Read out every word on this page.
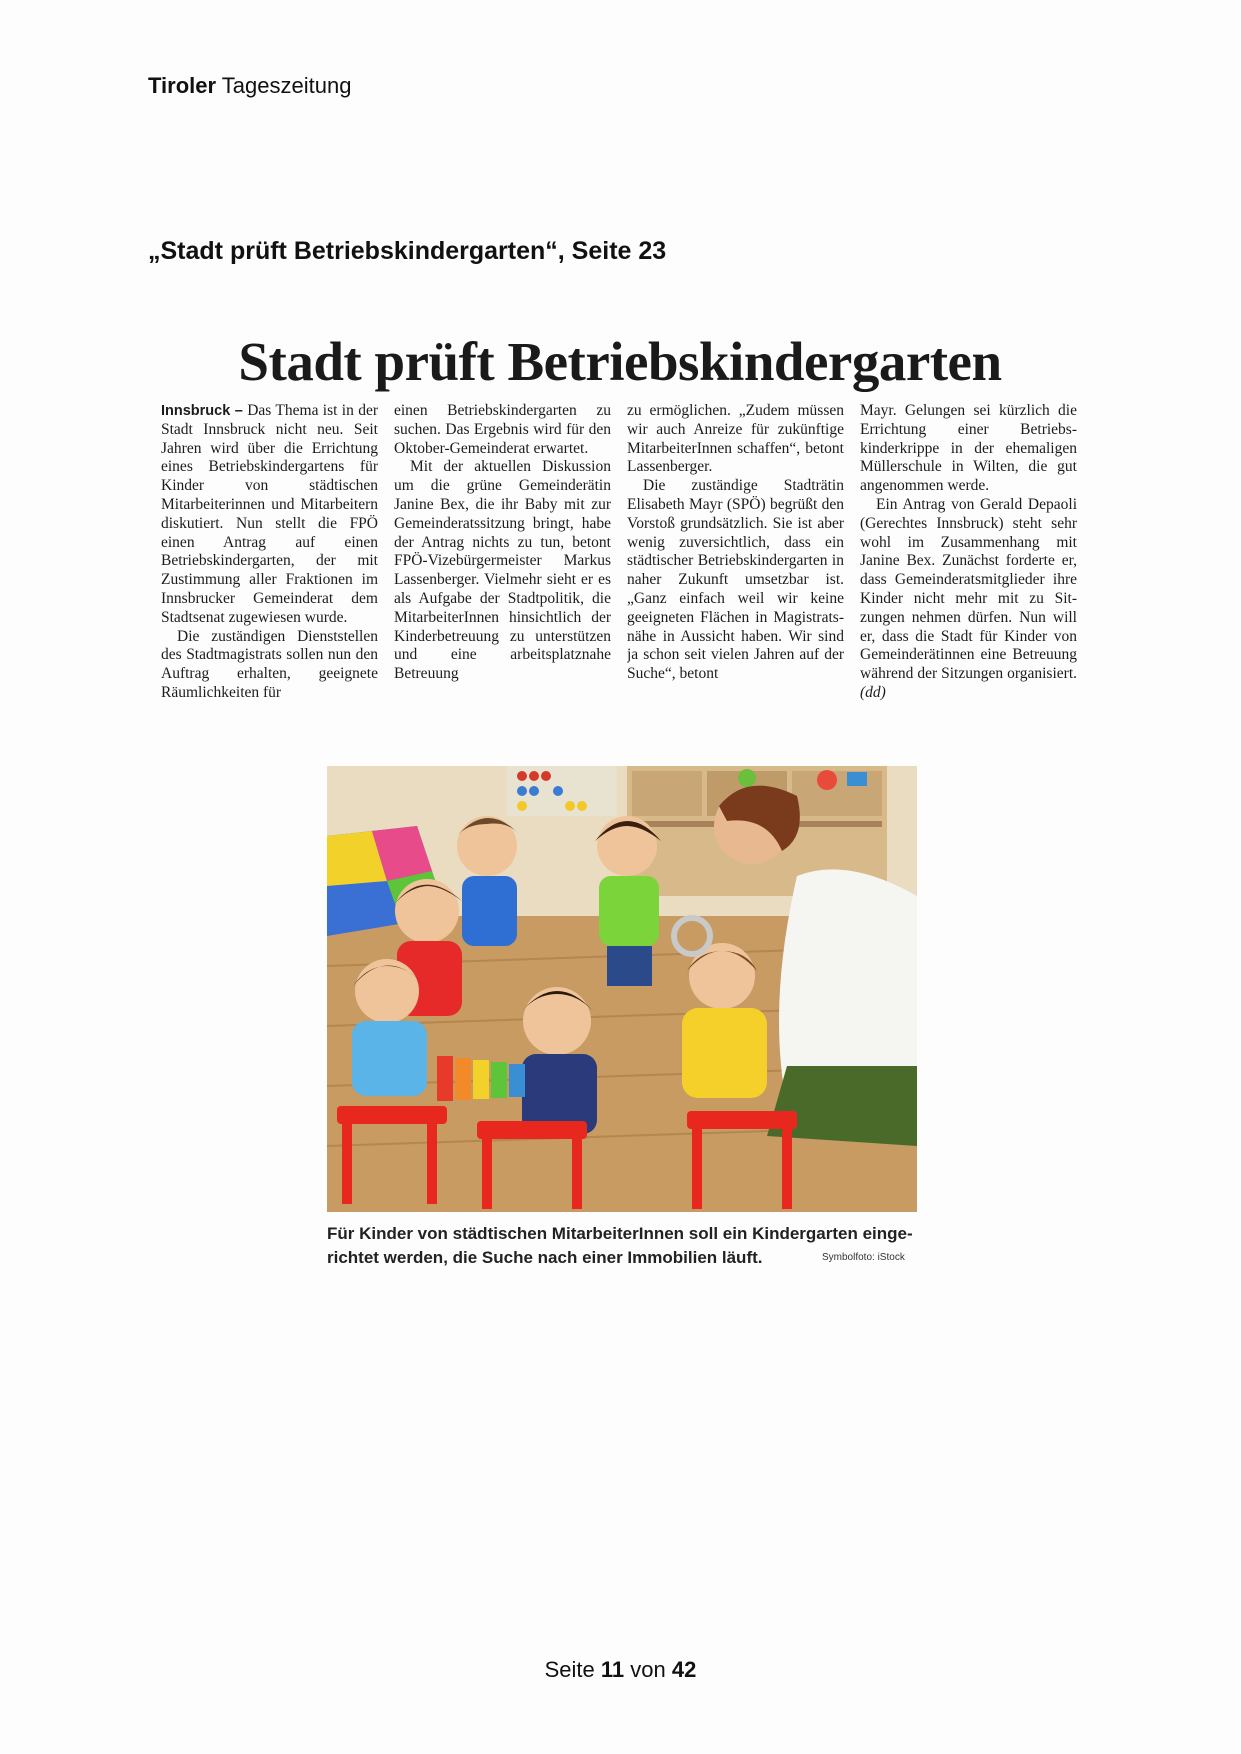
Tiroler Tageszeitung
„Stadt prüft Betriebskindergarten“, Seite 23
Stadt prüft Betriebskindergarten

Innsbruck – Das Thema ist in der Stadt Innsbruck nicht neu. Seit Jahren wird über die Errichtung eines Betriebskindergartens für Kinder von städtischen Mitarbeiterinnen und Mitarbeitern diskutiert. Nun stellt die FPÖ einen Antrag auf einen Betriebskindergarten, der mit Zustimmung aller Fraktionen im Innsbrucker Gemeinderat dem Stadtsenat zugewiesen wurde.

Die zuständigen Dienststellen des Stadtmagistrats sollen nun den Auftrag erhalten, geeignete Räumlichkeiten für

einen Betriebskindergarten zu suchen. Das Ergebnis wird für den Oktober-Gemeinderat erwartet.

Mit der aktuellen Diskussion um die grüne Gemeinderätin Janine Bex, die ihr Baby mit zur Gemeinderatssitzung bringt, habe der Antrag nichts zu tun, betont FPÖ-Vizebürgermeister Markus Lassenberger. Vielmehr sieht er es als Aufgabe der Stadtpolitik, die MitarbeiterInnen hinsichtlich der Kinderbetreuung zu unterstützen und eine arbeitsplatznahe Betreuung

zu ermöglichen. „Zudem müssen wir auch Anreize für zukünftige MitarbeiterInnen schaffen“, betont Lassenberger.

Die zuständige Stadträtin Elisabeth Mayr (SPÖ) begrüßt den Vorstoß grundsätzlich. Sie ist aber wenig zuversichtlich, dass ein städtischer Betriebskindergarten in naher Zukunft umsetzbar ist. „Ganz einfach weil wir keine geeigneten Flächen in Magistratsnähe in Aussicht haben. Wir sind ja schon seit vielen Jahren auf der Suche“, betont

Mayr. Gelungen sei kürzlich die Errichtung einer Betriebskinderkrippe in der ehemaligen Müllerschule in Wilten, die gut angenommen werde.

Ein Antrag von Gerald Depaoli (Gerechtes Innsbruck) steht sehr wohl im Zusammenhang mit Janine Bex. Zunächst forderte er, dass Gemeinderatsmitglieder ihre Kinder nicht mehr mit zu Sitzungen nehmen dürfen. Nun will er, dass die Stadt für Kinder von Gemeinderätinnen eine Betreuung während der Sitzungen organisiert. (dd)

Für Kinder von städtischen MitarbeiterInnen soll ein Kindergarten eingerichtet werden, die Suche nach einer Immobilien läuft.	Symbolfoto: iStock
Seite 11 von 42
